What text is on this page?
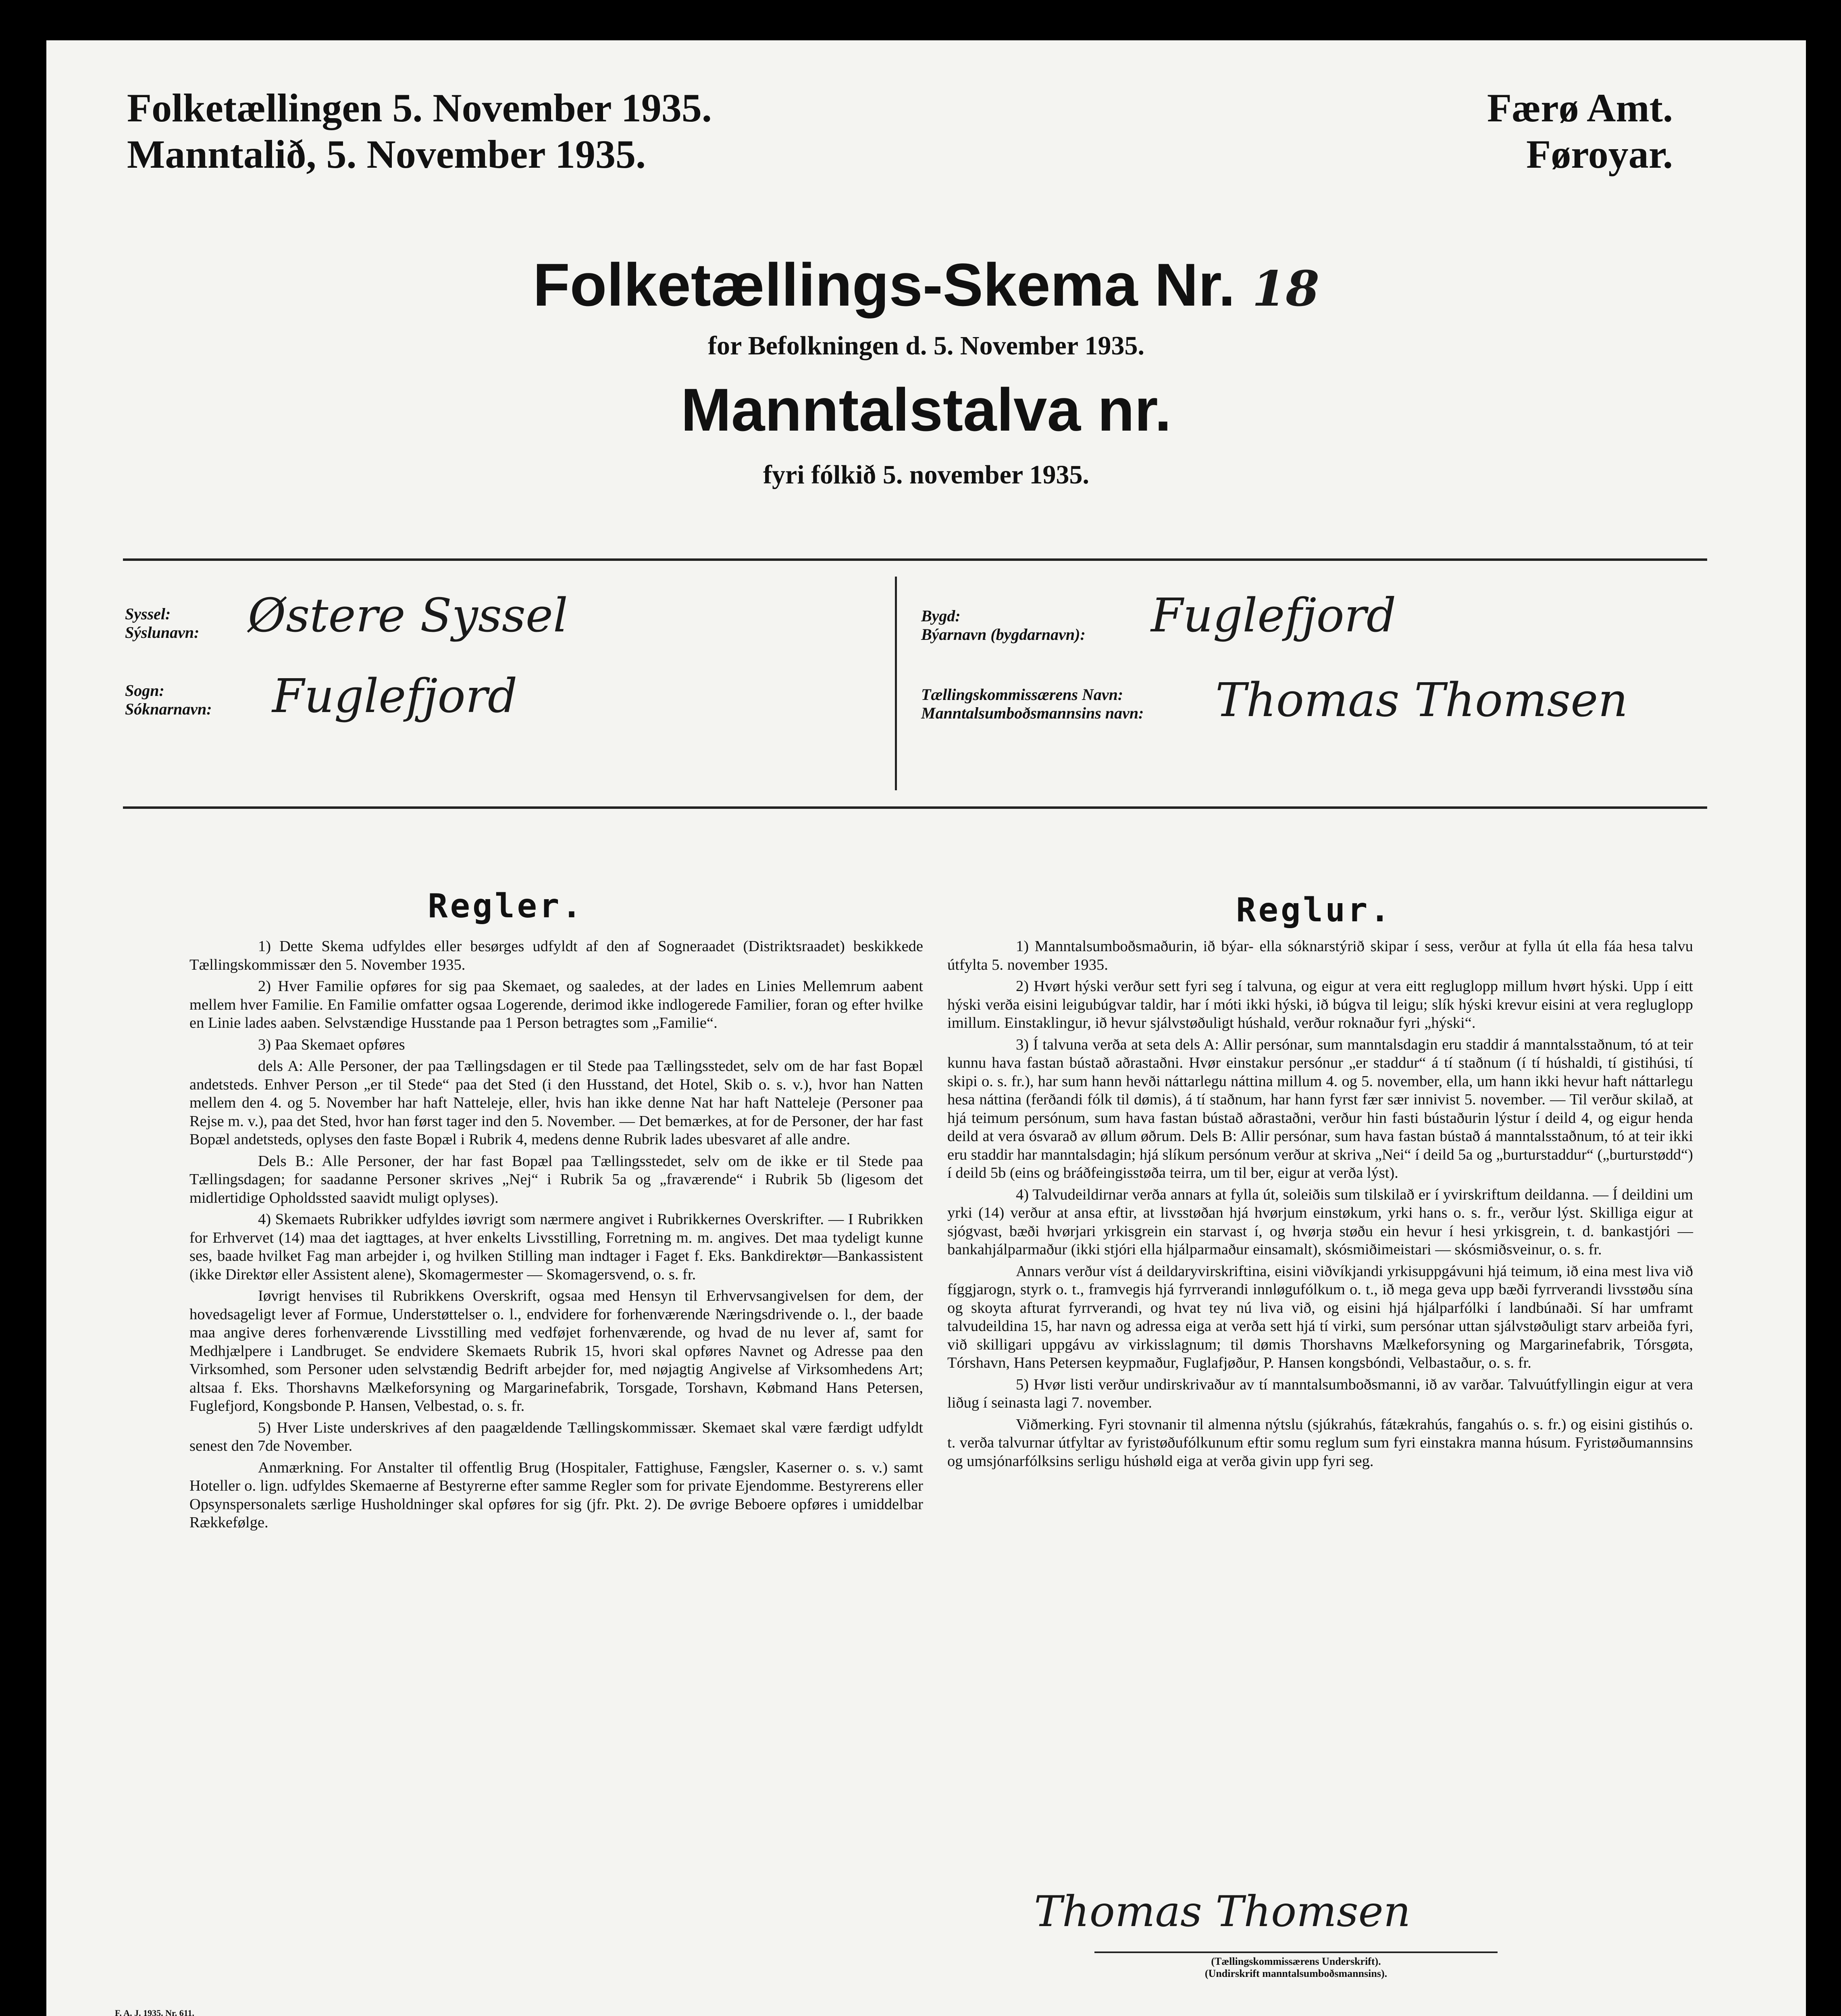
Folketællingen 5. November 1935.
Manntalið, 5. November 1935.
Færø Amt.
Føroyar.
Folketællings-Skema Nr. 18
for Befolkningen d. 5. November 1935.
Manntalstalva nr.
fyri fólkið 5. november 1935.
Syssel:
Sýslunavn: Østere Syssel
Sogn:
Sóknarnavn: Fuglefjord
Bygd:
Býarnavn (bygdarnavn): Fuglefjord
Tællingskommissærens Navn:
Manntalsumboðsmannsins navn: Thomas Thomsen
Regler.	Reglur.

1) Dette Skema udfyldes eller besørges udfyldt af den af Sogneraadet (Distriktsraadet) beskikkede Tællingskommissær den 5. November 1935.

2) Hver Familie opføres for sig paa Skemaet, og saaledes, at der lades en Linies Mellemrum aabent mellem hver Familie. En Familie omfatter ogsaa Logerende, derimod ikke indlogerede Familier, foran og efter hvilke en Linie lades aaben. Selvstændige Husstande paa 1 Person betragtes som „Familie“.

3) Paa Skemaet opføres

dels A: Alle Personer, der paa Tællingsdagen er til Stede paa Tællingsstedet, selv om de har fast Bopæl andetsteds. Enhver Person „er til Stede“ paa det Sted (i den Husstand, det Hotel, Skib o. s. v.), hvor han Natten mellem den 4. og 5. November har haft Natteleje, eller, hvis han ikke denne Nat har haft Natteleje (Personer paa Rejse m. v.), paa det Sted, hvor han først tager ind den 5. November. — Det bemærkes, at for de Personer, der har fast Bopæl andetsteds, oplyses den faste Bopæl i Rubrik 4, medens denne Rubrik lades ubesvaret af alle andre.

Dels B.: Alle Personer, der har fast Bopæl paa Tællingsstedet, selv om de ikke er til Stede paa Tællingsdagen; for saadanne Personer skrives „Nej“ i Rubrik 5a og „fraværende“ i Rubrik 5b (ligesom det midlertidige Opholdssted saavidt muligt oplyses).

4) Skemaets Rubrikker udfyldes iøvrigt som nærmere angivet i Rubrikkernes Overskrifter. — I Rubrikken for Erhvervet (14) maa det iagttages, at hver enkelts Livsstilling, Forretning m. m. angives. Det maa tydeligt kunne ses, baade hvilket Fag man arbejder i, og hvilken Stilling man indtager i Faget f. Eks. Bankdirektør—Bankassistent (ikke Direktør eller Assistent alene), Skomagermester — Skomagersvend, o. s. fr.

Iøvrigt henvises til Rubrikkens Overskrift, ogsaa med Hensyn til Erhvervsangivelsen for dem, der hovedsageligt lever af Formue, Understøttelser o. l., endvidere for forhenværende Næringsdrivende o. l., der baade maa angive deres forhenværende Livsstilling med vedføjet forhenværende, og hvad de nu lever af, samt for Medhjælpere i Landbruget. Se endvidere Skemaets Rubrik 15, hvori skal opføres Navnet og Adresse paa den Virksomhed, som Personer uden selvstændig Bedrift arbejder for, med nøjagtig Angivelse af Virksomhedens Art; altsaa f. Eks. Thorshavns Mælkeforsyning og Margarinefabrik, Torsgade, Torshavn, Købmand Hans Petersen, Fuglefjord, Kongsbonde P. Hansen, Velbestad, o. s. fr.

5) Hver Liste underskrives af den paagældende Tællingskommissær. Skemaet skal være færdigt udfyldt senest den 7de November.

Anmærkning. For Anstalter til offentlig Brug (Hospitaler, Fattighuse, Fængsler, Kaserner o. s. v.) samt Hoteller o. lign. udfyldes Skemaerne af Bestyrerne efter samme Regler som for private Ejendomme. Bestyrerens eller Opsynspersonalets særlige Husholdninger skal opføres for sig (jfr. Pkt. 2). De øvrige Beboere opføres i umiddelbar Rækkefølge.

1) Manntalsumboðsmaðurin, ið býar- ella sóknarstýrið skipar í sess, verður at fylla út ella fáa hesa talvu útfylta 5. november 1935.

2) Hvørt hýski verður sett fyri seg í talvuna, og eigur at vera eitt regluglopp millum hvørt hýski. Upp í eitt hýski verða eisini leigubúgvar taldir, har í móti ikki hýski, ið búgva til leigu; slík hýski krevur eisini at vera regluglopp imillum. Einstaklingur, ið hevur sjálvstøðuligt húshald, verður roknaður fyri „hýski“.

3) Í talvuna verða at seta dels A: Allir persónar, sum manntalsdagin eru staddir á manntalsstaðnum, tó at teir kunnu hava fastan bústað aðrastaðni. Hvør einstakur persónur „er staddur“ á tí staðnum (í tí húshaldi, tí gistihúsi, tí skipi o. s. fr.), har sum hann hevði náttarlegu náttina millum 4. og 5. november, ella, um hann ikki hevur haft náttarlegu hesa náttina (ferðandi fólk til dømis), á tí staðnum, har hann fyrst fær sær innivist 5. november. — Til verður skilað, at hjá teimum persónum, sum hava fastan bústað aðrastaðni, verður hin fasti bústaðurin lýstur í deild 4, og eigur henda deild at vera ósvarað av øllum øðrum. Dels B: Allir persónar, sum hava fastan bústað á manntalsstaðnum, tó at teir ikki eru staddir har manntalsdagin; hjá slíkum persónum verður at skriva „Nei“ í deild 5a og „burturstaddur“ („burturstødd“) í deild 5b (eins og bráðfeingisstøða teirra, um til ber, eigur at verða lýst).

4) Talvudeildirnar verða annars at fylla út, soleiðis sum tilskilað er í yvirskriftum deildanna. — Í deildini um yrki (14) verður at ansa eftir, at livsstøðan hjá hvørjum einstøkum, yrki hans o. s. fr., verður lýst. Skilliga eigur at sjógvast, bæði hvørjari yrkisgrein ein starvast í, og hvørja støðu ein hevur í hesi yrkisgrein, t. d. bankastjóri — bankahjálparmaður (ikki stjóri ella hjálparmaður einsamalt), skósmiðimeistari — skósmiðsveinur, o. s. fr.

Annars verður víst á deildaryvirskriftina, eisini viðvíkjandi yrkisuppgávuni hjá teimum, ið eina mest liva við fíggjarogn, styrk o. t., framvegis hjá fyrrverandi innløgufólkum o. t., ið mega geva upp bæði fyrrverandi livsstøðu sína og skoyta afturat fyrrverandi, og hvat tey nú liva við, og eisini hjá hjálparfólki í landbúnaði. Sí har umframt talvudeildina 15, har navn og adressa eiga at verða sett hjá tí virki, sum persónar uttan sjálvstøðuligt starv arbeiða fyri, við skilligari uppgávu av virkisslagnum; til dømis Thorshavns Mælkeforsyning og Margarinefabrik, Tórsgøta, Tórshavn, Hans Petersen keypmaður, Fuglafjøður, P. Hansen kongsbóndi, Velbastaður, o. s. fr.

5) Hvør listi verður undirskrivaður av tí manntalsumboðsmanni, ið av varðar. Talvuútfyllingin eigur at vera liðug í seinasta lagi 7. november.

Viðmerking. Fyri stovnanir til almenna nýtslu (sjúkrahús, fátækrahús, fangahús o. s. fr.) og eisini gistihús o. t. verða talvurnar útfyltar av fyristøðufólkunum eftir somu reglum sum fyri einstakra manna húsum. Fyristøðumannsins og umsjónarfólksins serligu húshøld eiga at verða givin upp fyri seg.

Thomas Thomsen
(Tællingskommissærens Underskrift).
(Undirskrift manntalsumboðsmannsins).
F. A. J. 1935. Nr. 611.
